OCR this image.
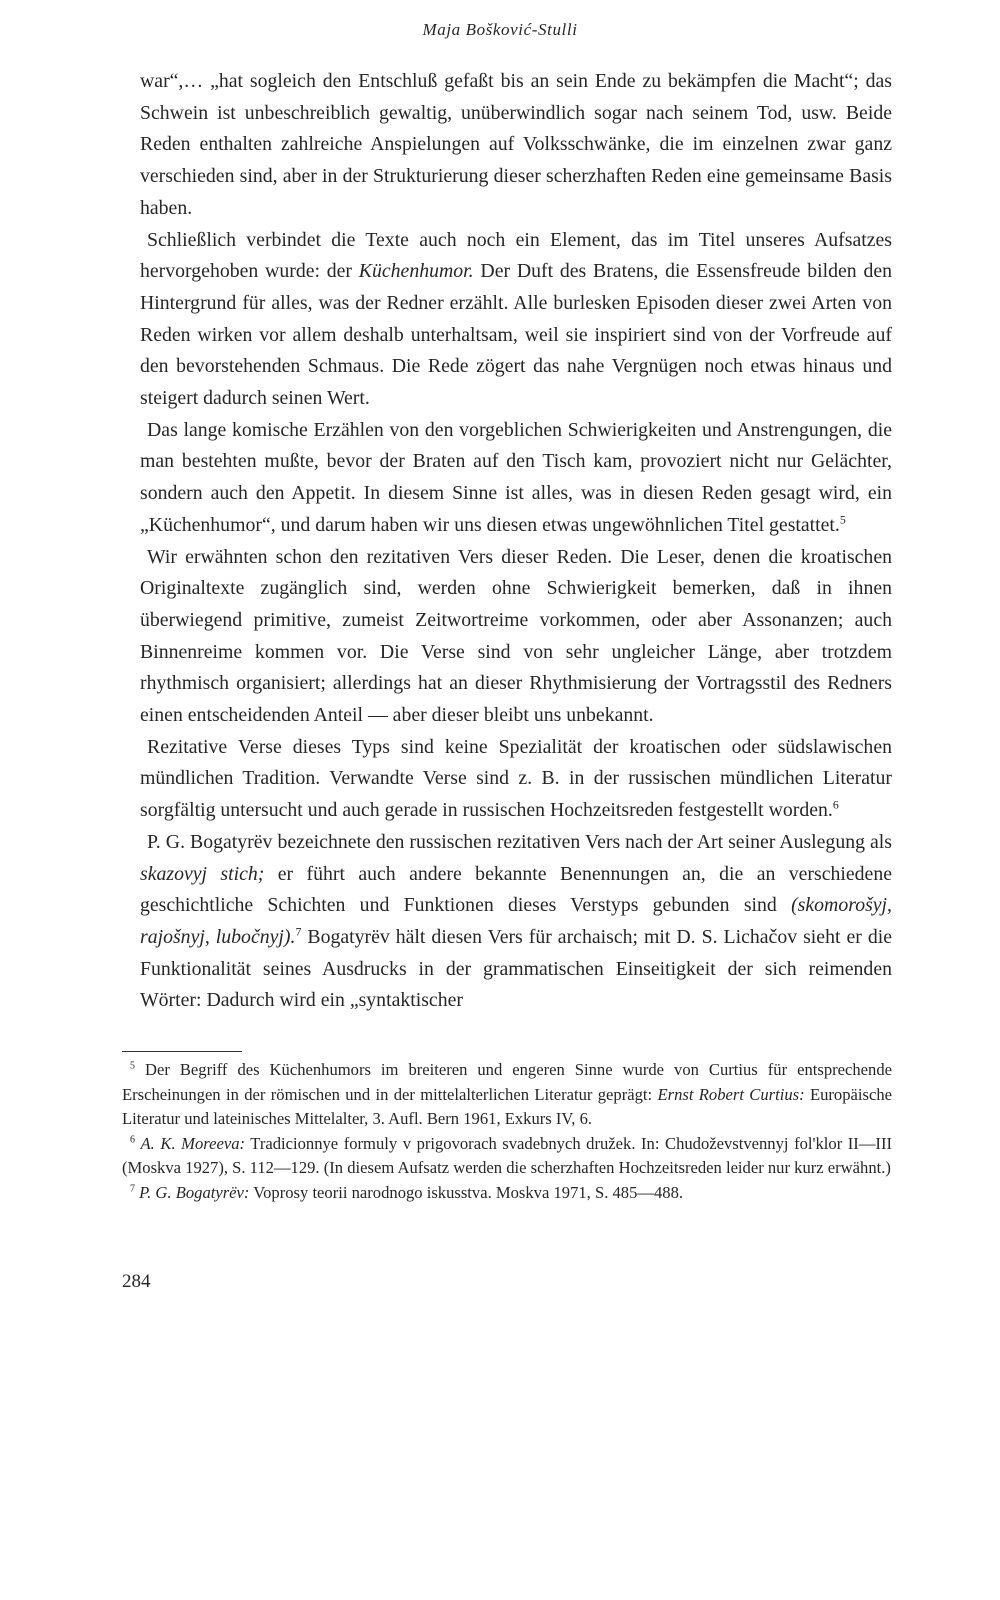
Maja Bošković-Stulli

war“,… „hat sogleich den Entschluß gefaßt bis an sein Ende zu bekämpfen die Macht“; das Schwein ist unbeschreiblich gewaltig, unüberwindlich sogar nach seinem Tod, usw. Beide Reden enthalten zahlreiche Anspielungen auf Volksschwänke, die im einzelnen zwar ganz verschieden sind, aber in der Strukturierung dieser scherzhaften Reden eine gemeinsame Basis haben.

Schließlich verbindet die Texte auch noch ein Element, das im Titel unseres Aufsatzes hervorgehoben wurde: der Küchenhumor. Der Duft des Bratens, die Essensfreude bilden den Hintergrund für alles, was der Redner erzählt. Alle burlesken Episoden dieser zwei Arten von Reden wirken vor allem deshalb unterhaltsam, weil sie inspiriert sind von der Vorfreude auf den bevorstehenden Schmaus. Die Rede zögert das nahe Vergnügen noch etwas hinaus und steigert dadurch seinen Wert.

Das lange komische Erzählen von den vorgeblichen Schwierigkeiten und Anstrengungen, die man bestehten mußte, bevor der Braten auf den Tisch kam, provoziert nicht nur Gelächter, sondern auch den Appetit. In diesem Sinne ist alles, was in diesen Reden gesagt wird, ein „Küchenhumor“, und darum haben wir uns diesen etwas ungewöhnlichen Titel gestattet.$^5$

Wir erwähnten schon den rezitativen Vers dieser Reden. Die Leser, denen die kroatischen Originaltexte zugänglich sind, werden ohne Schwierigkeit bemerken, daß in ihnen überwiegend primitive, zumeist Zeitwortreime vorkommen, oder aber Assonanzen; auch Binnenreime kommen vor. Die Verse sind von sehr ungleicher Länge, aber trotzdem rhythmisch organisiert; allerdings hat an dieser Rhythmisierung der Vortragsstil des Redners einen entscheidenden Anteil — aber dieser bleibt uns unbekannt.

Rezitative Verse dieses Typs sind keine Spezialität der kroatischen oder südslawischen mündlichen Tradition. Verwandte Verse sind z. B. in der russischen mündlichen Literatur sorgfältig untersucht und auch gerade in russischen Hochzeitsreden festgestellt worden.$^6$

P. G. Bogatyrëv bezeichnete den russischen rezitativen Vers nach der Art seiner Auslegung als skazovyj stich; er führt auch andere bekannte Benennungen an, die an verschiedene geschichtliche Schichten und Funktionen dieses Verstyps gebunden sind (skomorošyj, rajošnyj, lubočnyj).$^7$ Bogatyrëv hält diesen Vers für archaisch; mit D. S. Lichačov sieht er die Funktionalität seines Ausdrucks in der grammatischen Einseitigkeit der sich reimenden Wörter: Dadurch wird ein „syntaktischer

$^5$ Der Begriff des Küchenhumors im breiteren und engeren Sinne wurde von Curtius für entsprechende Erscheinungen in der römischen und in der mittelalterlichen Literatur geprägt: Ernst Robert Curtius: Europäische Literatur und lateinisches Mittelalter, 3. Aufl. Bern 1961, Exkurs IV, 6.

$^6$ A. K. Moreeva: Tradicionnye formuly v prigovorach svadebnych družek. In: Chudoževstvennyj fol'klor II—III (Moskva 1927), S. 112—129. (In diesem Aufsatz werden die scherzhaften Hochzeitsreden leider nur kurz erwähnt.)

$^7$ P. G. Bogatyrëv: Voprosy teorii narodnogo iskusstva. Moskva 1971, S. 485—488.

284
